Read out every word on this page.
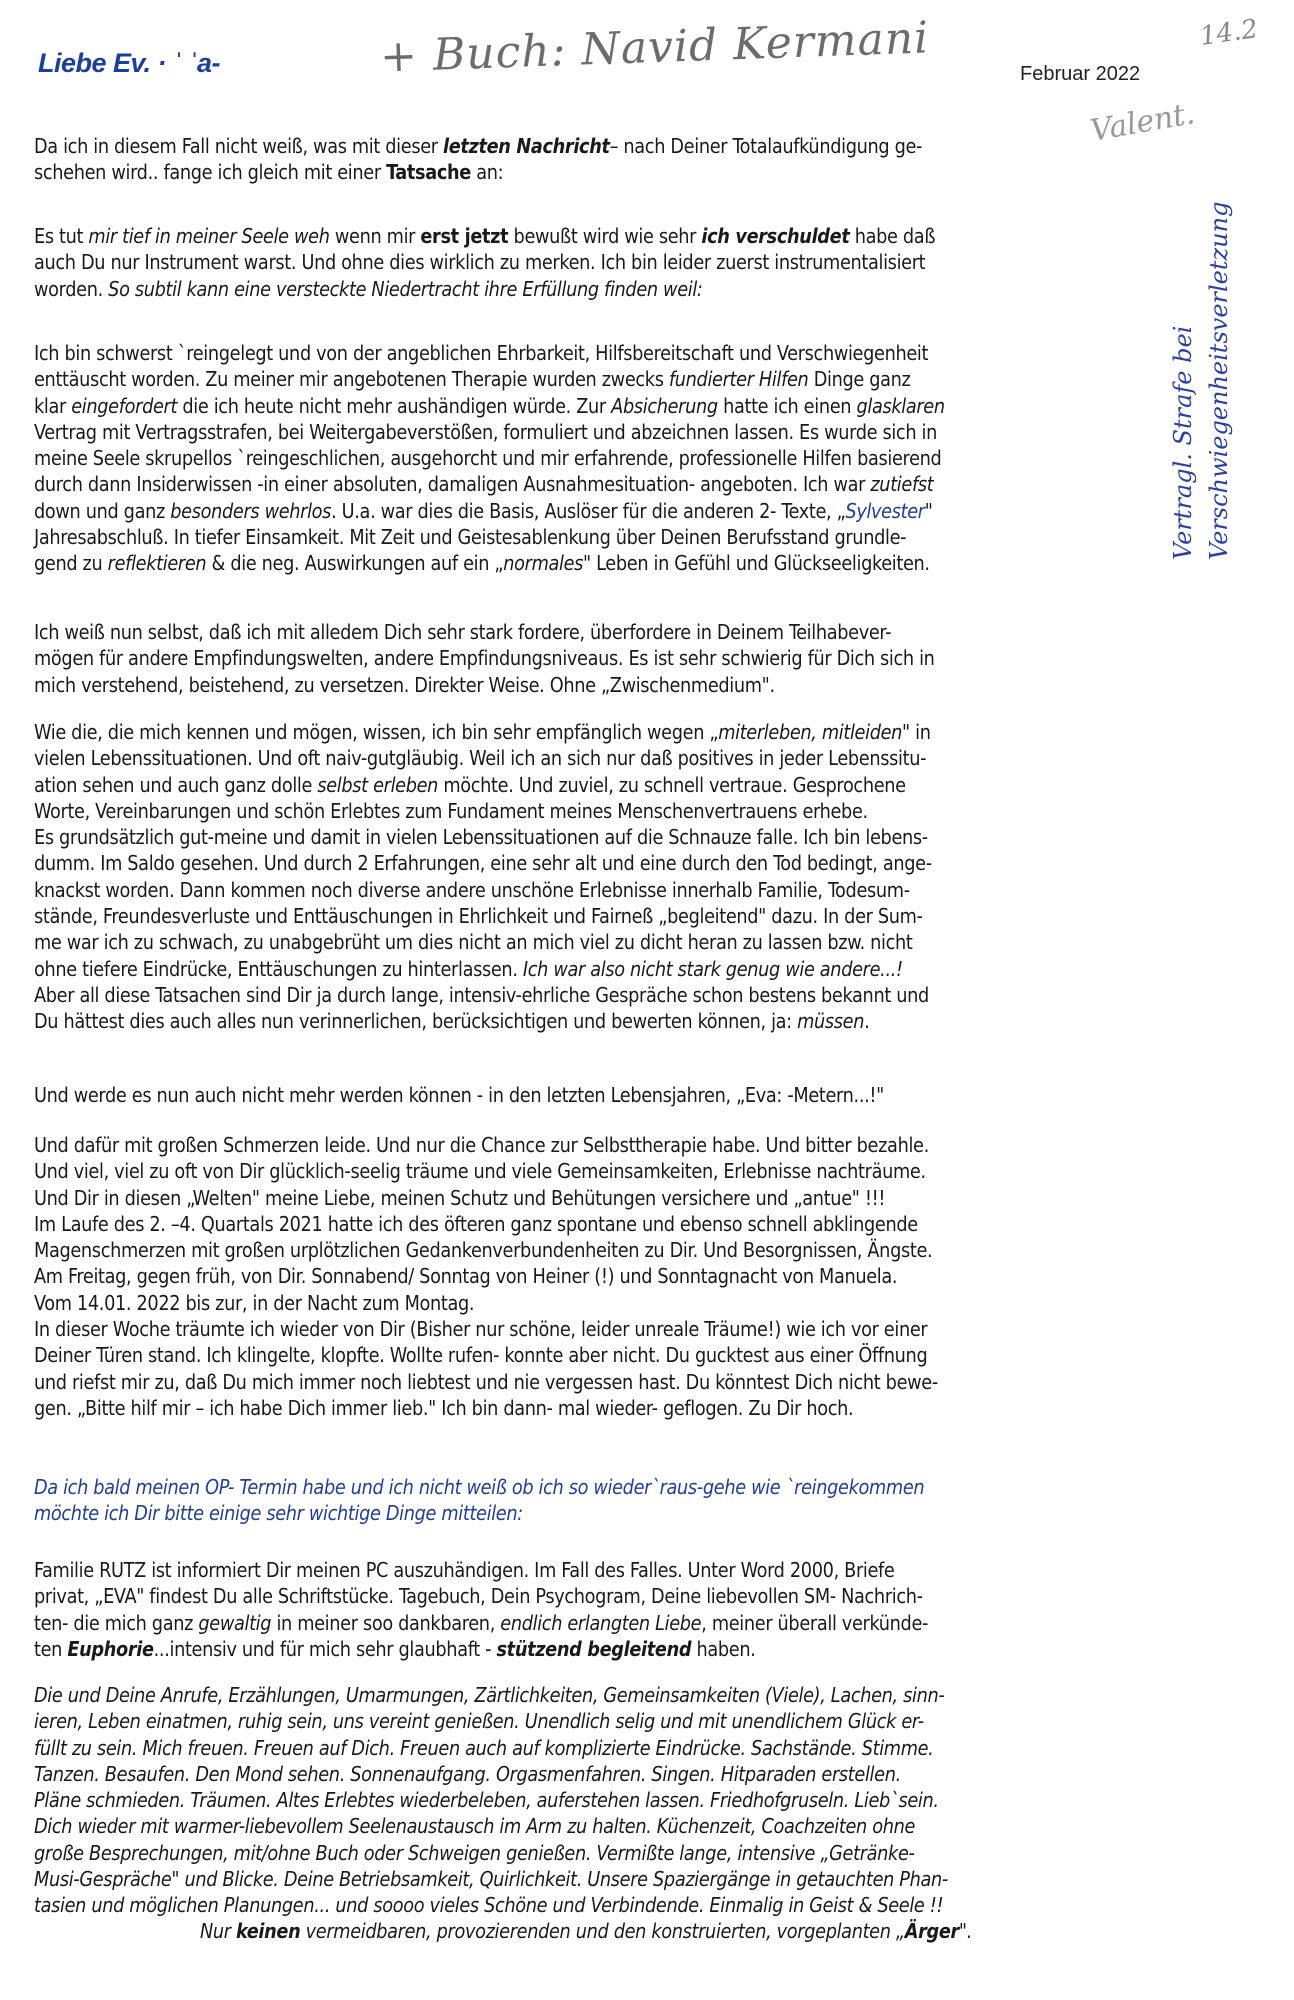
Liebe Ev. · ˈ ˈa-	Februar 2022
+ Buch: Navid Kermani	14.2
Valent.
Vertragl. Strafe bei Verschwiegenheitsverletzung
Da ich in diesem Fall nicht weiß, was mit dieser letzten Nachricht– nach Deiner Totalaufkündigung ge-
schehen wird.. fange ich gleich mit einer Tatsache an:
Es tut mir tief in meiner Seele weh wenn mir erst jetzt bewußt wird wie sehr ich verschuldet habe daß
auch Du nur Instrument warst. Und ohne dies wirklich zu merken. Ich bin leider zuerst instrumentalisiert
worden. So subtil kann eine versteckte Niedertracht ihre Erfüllung finden weil:
Ich bin schwerst `reingelegt und von der angeblichen Ehrbarkeit, Hilfsbereitschaft und Verschwiegenheit
enttäuscht worden. Zu meiner mir angebotenen Therapie wurden zwecks fundierter Hilfen Dinge ganz
klar eingefordert die ich heute nicht mehr aushändigen würde. Zur Absicherung hatte ich einen glasklaren
Vertrag mit Vertragsstrafen, bei Weitergabeverstößen, formuliert und abzeichnen lassen. Es wurde sich in
meine Seele skrupellos `reingeschlichen, ausgehorcht und mir erfahrende, professionelle Hilfen basierend
durch dann Insiderwissen -in einer absoluten, damaligen Ausnahmesituation- angeboten. Ich war zutiefst
down und ganz besonders wehrlos. U.a. war dies die Basis, Auslöser für die anderen 2- Texte, „Sylvester"
Jahresabschluß. In tiefer Einsamkeit. Mit Zeit und Geistesablenkung über Deinen Berufsstand grundle-
gend zu reflektieren & die neg. Auswirkungen auf ein „normales" Leben in Gefühl und Glückseeligkeiten.
Ich weiß nun selbst, daß ich mit alledem Dich sehr stark fordere, überfordere in Deinem Teilhabever-
mögen für andere Empfindungswelten, andere Empfindungsniveaus. Es ist sehr schwierig für Dich sich in
mich verstehend, beistehend, zu versetzen. Direkter Weise. Ohne „Zwischenmedium".
Wie die, die mich kennen und mögen, wissen, ich bin sehr empfänglich wegen „miterleben, mitleiden" in
vielen Lebenssituationen. Und oft naiv-gutgläubig. Weil ich an sich nur daß positives in jeder Lebenssitu-
ation sehen und auch ganz dolle selbst erleben möchte. Und zuviel, zu schnell vertraue. Gesprochene
Worte, Vereinbarungen und schön Erlebtes zum Fundament meines Menschenvertrauens erhebe.
Es grundsätzlich gut-meine und damit in vielen Lebenssituationen auf die Schnauze falle. Ich bin lebens-
dumm. Im Saldo gesehen. Und durch 2 Erfahrungen, eine sehr alt und eine durch den Tod bedingt, ange-
knackst worden. Dann kommen noch diverse andere unschöne Erlebnisse innerhalb Familie, Todesum-
stände, Freundesverluste und Enttäuschungen in Ehrlichkeit und Fairneß „begleitend" dazu. In der Sum-
me war ich zu schwach, zu unabgebrüht um dies nicht an mich viel zu dicht heran zu lassen bzw. nicht
ohne tiefere Eindrücke, Enttäuschungen zu hinterlassen. Ich war also nicht stark genug wie andere...!
Aber all diese Tatsachen sind Dir ja durch lange, intensiv-ehrliche Gespräche schon bestens bekannt und
Du hättest dies auch alles nun verinnerlichen, berücksichtigen und bewerten können, ja: müssen.
Und werde es nun auch nicht mehr werden können - in den letzten Lebensjahren, „Eva: -Metern...!"
Und dafür mit großen Schmerzen leide. Und nur die Chance zur Selbsttherapie habe. Und bitter bezahle.
Und viel, viel zu oft von Dir glücklich-seelig träume und viele Gemeinsamkeiten, Erlebnisse nachträume.
Und Dir in diesen „Welten" meine Liebe, meinen Schutz und Behütungen versichere und „antue" !!!
Im Laufe des 2. –4. Quartals 2021 hatte ich des öfteren ganz spontane und ebenso schnell abklingende
Magenschmerzen mit großen urplötzlichen Gedankenverbundenheiten zu Dir. Und Besorgnissen, Ängste.
Am Freitag, gegen früh, von Dir. Sonnabend/ Sonntag von Heiner (!) und Sonntagnacht von Manuela.
Vom 14.01. 2022 bis zur, in der Nacht zum Montag.
In dieser Woche träumte ich wieder von Dir (Bisher nur schöne, leider unreale Träume!) wie ich vor einer
Deiner Türen stand. Ich klingelte, klopfte. Wollte rufen- konnte aber nicht. Du gucktest aus einer Öffnung
und riefst mir zu, daß Du mich immer noch liebtest und nie vergessen hast. Du könntest Dich nicht bewe-
gen. „Bitte hilf mir – ich habe Dich immer lieb." Ich bin dann- mal wieder- geflogen. Zu Dir hoch.
Da ich bald meinen OP- Termin habe und ich nicht weiß ob ich so wieder`raus-gehe wie `reingekommen
möchte ich Dir bitte einige sehr wichtige Dinge mitteilen:
Familie RUTZ ist informiert Dir meinen PC auszuhändigen. Im Fall des Falles. Unter Word 2000, Briefe
privat, „EVA" findest Du alle Schriftstücke. Tagebuch, Dein Psychogram, Deine liebevollen SM- Nachrich-
ten- die mich ganz gewaltig in meiner soo dankbaren, endlich erlangten Liebe, meiner überall verkünde-
ten Euphorie...intensiv und für mich sehr glaubhaft - stützend begleitend haben.
Die und Deine Anrufe, Erzählungen, Umarmungen, Zärtlichkeiten, Gemeinsamkeiten (Viele), Lachen, sinn-
ieren, Leben einatmen, ruhig sein, uns vereint genießen. Unendlich selig und mit unendlichem Glück er-
füllt zu sein. Mich freuen. Freuen auf Dich. Freuen auch auf komplizierte Eindrücke. Sachstände. Stimme.
Tanzen. Besaufen. Den Mond sehen. Sonnenaufgang. Orgasmenfahren. Singen. Hitparaden erstellen.
Pläne schmieden. Träumen. Altes Erlebtes wiederbeleben, auferstehen lassen. Friedhofgruseln. Lieb`sein.
Dich wieder mit warmer-liebevollem Seelenaustausch im Arm zu halten. Küchenzeit, Coachzeiten ohne
große Besprechungen, mit/ohne Buch oder Schweigen genießen. Vermißte lange, intensive „Getränke-
Musi-Gespräche" und Blicke. Deine Betriebsamkeit, Quirlichkeit. Unsere Spaziergänge in getauchten Phan-
tasien und möglichen Planungen... und soooo vieles Schöne und Verbindende. Einmalig in Geist & Seele !!
Nur keinen vermeidbaren, provozierenden und den konstruierten, vorgeplanten „Ärger".
